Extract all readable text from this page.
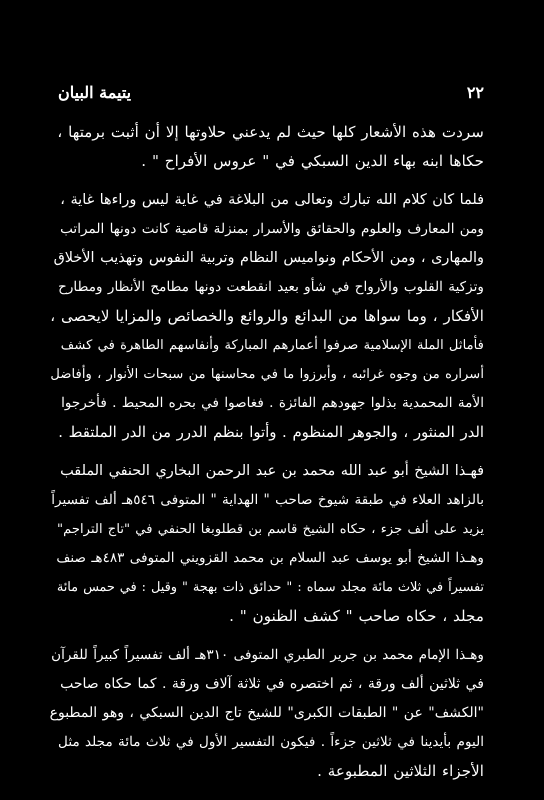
٢٢
يتيمة البيان

سردت هذه الأشعار كلها حيث لم يدعني حلاوتها إلا أن أثبت برمتها ،
حكاها ابنه بهاء الدين السبكي في " عروس الأفراح " .

فلما كان كلام الله تبارك وتعالى من البلاغة في غاية ليس وراءها غاية ،
ومن المعارف والعلوم والحقائق والأسرار بمنزلة قاصية كانت دونها المراتب
والمهارى ، ومن الأحكام ونواميس النظام وتربية النفوس وتهذيب الأخلاق
وتزكية القلوب والأرواح في شأو بعيد انقطعت دونها مطامح الأنظار ومطارح
الأفكار ، وما سواها من البدائع والروائع والخصائص والمزايا لايحصى ،
فأماثل الملة الإسلامية صرفوا أعمارهم المباركة وأنفاسهم الطاهرة في كشف
أسراره من وجوه غرائبه ، وأبرزوا ما في محاسنها من سبحات الأنوار ، وأفاضل
الأمة المحمدية بذلوا جهودهم الفائزة . فغاصوا في بحره المحيط . فأخرجوا
الدر المنثور ، والجوهر المنظوم . وأتوا بنظم الدرر من الدر الملتقط .

فهـذا الشيخ أبو عبد الله محمد بن عبد الرحمن البخاري الحنفي الملقب
بالزاهد العلاء في طبقة شيوخ صاحب " الهداية " المتوفى ٥٤٦هـ ألف تفسيراً
يزيد على ألف جزء ، حكاه الشيخ قاسم بن قطلوبغا الحنفي في "تاج التراجم"
وهـذا الشيخ أبو يوسف عبد السلام بن محمد القزويني المتوفى ٤٨٣هـ صنف
تفسيراً في ثلاث مائة مجلد سماه : " حدائق ذات بهجة " وقيل : في حمس مائة
مجلد ، حكاه صاحب " كشف الظنون " .

وهـذا الإمام محمد بن جرير الطبري المتوفى ٣١٠هـ ألف تفسيراً كبيراً للقرآن
في ثلاثين ألف ورقة ، ثم اختصره في ثلاثة آلاف ورقة . كما حكاه صاحب
"الكشف" عن " الطبقات الكبرى" للشيخ تاج الدين السبكي ، وهو المطبوع
اليوم بأيدينا في ثلاثين جزءاً . فيكون التفسير الأول في ثلاث مائة مجلد مثل
الأجزاء الثلاثين المطبوعة .
